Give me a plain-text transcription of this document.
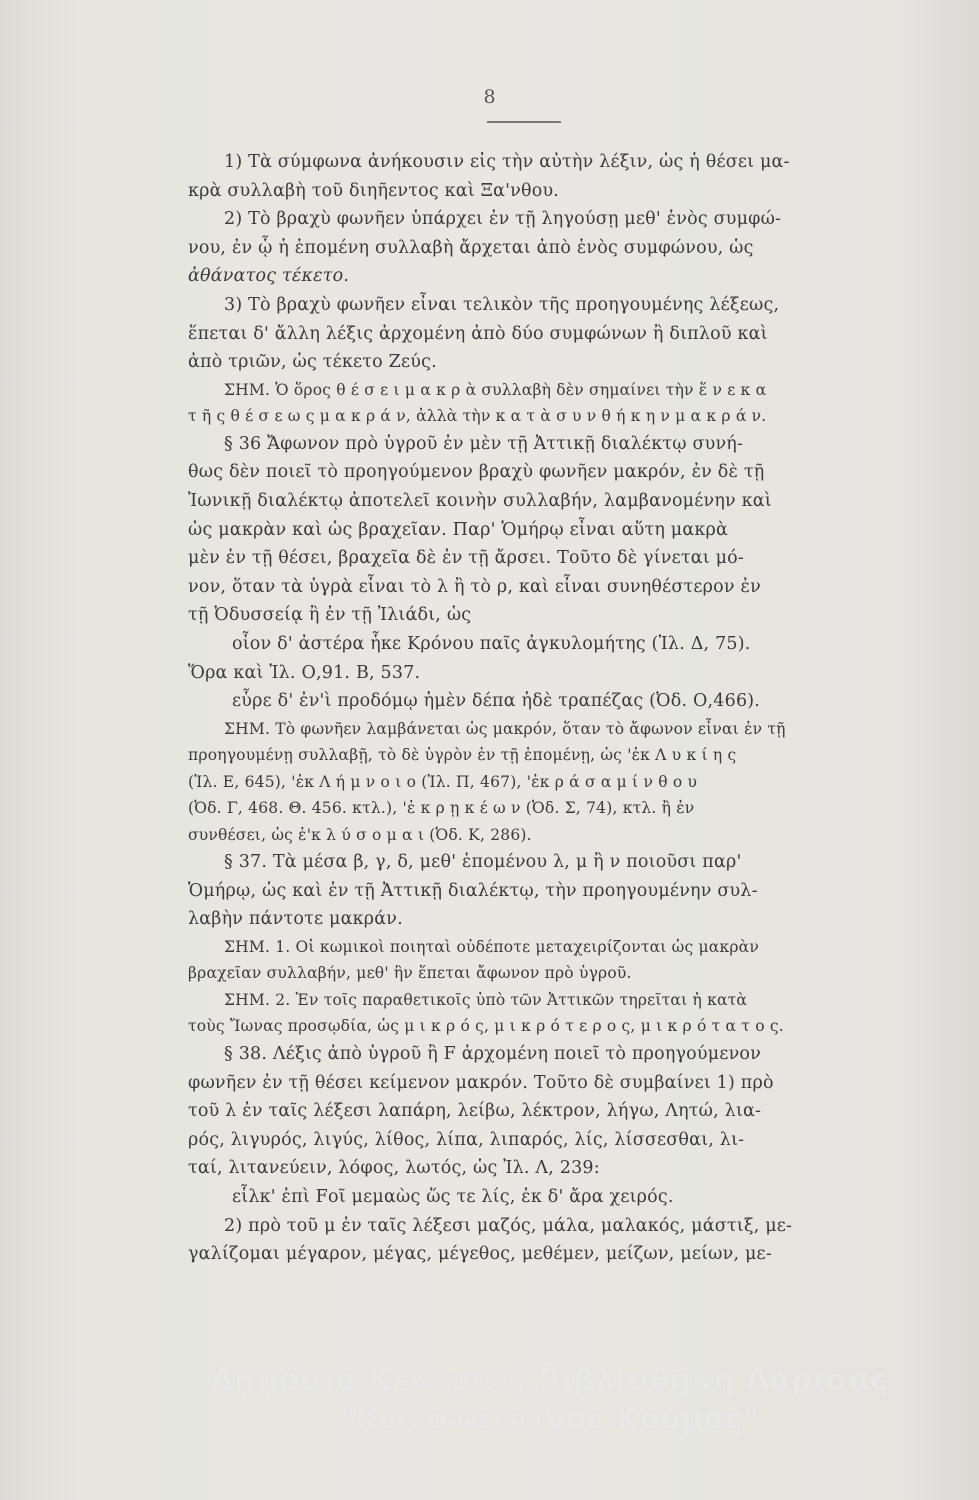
8

1) Τὰ σύμφωνα ἀνήκουσιν εἰς τὴν αὐτὴν λέξιν, ὡς ἡ θέσει μα-

κρὰ συλλαβὴ τοῦ διηῆεντος καὶ Ξα'νθου.

2) Τὸ βραχὺ φωνῆεν ὑπάρχει ἐν τῇ ληγούσῃ μεθ' ἑνὸς συμφώ-

νου, ἐν ᾧ ἡ ἑπομένη συλλαβὴ ἄρχεται ἀπὸ ἑνὸς συμφώνου, ὡς

ἀθάνατος τέκετο.

3) Τὸ βραχὺ φωνῆεν εἶναι τελικὸν τῆς προηγουμένης λέξεως,

ἕπεται δ' ἄλλη λέξις ἀρχομένη ἀπὸ δύο συμφώνων ἢ διπλοῦ καὶ

ἀπὸ τριῶν, ὡς τέκετο Ζεύς.

ΣΗΜ. Ὁ ὅρος θ έ σ ε ι μ α κ ρ ὰ συλλαβὴ δὲν σημαίνει τὴν ἕ ν ε κ α

τ ῆ ς θ έ σ ε ω ς μ α κ ρ ά ν, ἀλλὰ τὴν κ α τ ὰ σ υ ν θ ή κ η ν μ α κ ρ ά ν.

§ 36 Ἄφωνον πρὸ ὑγροῦ ἐν μὲν τῇ Ἀττικῇ διαλέκτῳ συνή-

θως δὲν ποιεῖ τὸ προηγούμενον βραχὺ φωνῆεν μακρόν, ἐν δὲ τῇ

Ἰωνικῇ διαλέκτῳ ἀποτελεῖ κοινὴν συλλαβήν, λαμβανομένην καὶ

ὡς μακρὰν καὶ ὡς βραχεῖαν. Παρ' Ὁμήρῳ εἶναι αὕτη μακρὰ

μὲν ἐν τῇ θέσει, βραχεῖα δὲ ἐν τῇ ἄρσει. Τοῦτο δὲ γίνεται μό-

νον, ὅταν τὰ ὑγρὰ εἶναι τὸ λ ἢ τὸ ρ, καὶ εἶναι συνηθέστερον ἐν

τῇ Ὀδυσσείᾳ ἢ ἐν τῇ Ἰλιάδι, ὡς

οἷον δ' ἀστέρα ἧκε Κρόνου παῖς ἀγκυλομήτης (Ἰλ. Δ, 75).

Ὅρα καὶ Ἰλ. Ο,91. Β, 537.

εὗρε δ' ἐν'ὶ προδόμῳ ἡμὲν δέπα ἠδὲ τραπέζας (Ὀδ. Ο,466).

ΣΗΜ. Τὸ φωνῆεν λαμβάνεται ὡς μακρόν, ὅταν τὸ ἄφωνον εἶναι ἐν τῇ

προηγουμένῃ συλλαβῇ, τὸ δὲ ὑγρὸν ἐν τῇ ἑπομένῃ, ὡς 'ἐκ Λ υ κ ί η ς

(Ἰλ. Ε, 645), 'ἐκ Λ ή μ ν ο ι ο (Ἰλ. Π, 467), 'ἐκ ρ ά σ α μ ί ν θ ο υ

(Ὀδ. Γ, 468. Θ. 456. κτλ.), 'ἐ κ ρ ῃ κ έ ω ν (Ὀδ. Σ, 74), κτλ. ἢ ἐν

συνθέσει, ὡς ἐ'κ λ ύ σ ο μ α ι (Ὀδ. Κ, 286).

§ 37. Τὰ μέσα β, γ, δ, μεθ' ἑπομένου λ, μ ἢ ν ποιοῦσι παρ'

Ὁμήρῳ, ὡς καὶ ἐν τῇ Ἀττικῇ διαλέκτῳ, τὴν προηγουμένην συλ-

λαβὴν πάντοτε μακράν.

ΣΗΜ. 1. Οἱ κωμικοὶ ποιηταὶ οὐδέποτε μεταχειρίζονται ὡς μακρὰν

βραχεῖαν συλλαβήν, μεθ' ἣν ἕπεται ἄφωνον πρὸ ὑγροῦ.

ΣΗΜ. 2. Ἐν τοῖς παραθετικοῖς ὑπὸ τῶν Ἀττικῶν τηρεῖται ἡ κατὰ

τοὺς Ἴωνας προσῳδία, ὡς μ ι κ ρ ό ς, μ ι κ ρ ό τ ε ρ ο ς, μ ι κ ρ ό τ α τ ο ς.

§ 38. Λέξις ἀπὸ ὑγροῦ ἢ F ἀρχομένη ποιεῖ τὸ προηγούμενον

φωνῆεν ἐν τῇ θέσει κείμενον μακρόν. Τοῦτο δὲ συμβαίνει 1) πρὸ

τοῦ λ ἐν ταῖς λέξεσι λαπάρη, λείβω, λέκτρον, λήγω, Λητώ, λια-

ρός, λιγυρός, λιγύς, λίθος, λίπα, λιπαρός, λίς, λίσσεσθαι, λι-

ταί, λιτανεύειν, λόφος, λωτός, ὡς Ἰλ. Λ, 239:

εἷλκ' ἐπὶ Fοῖ μεμαὼς ὥς τε λίς, ἐκ δ' ἄρα χειρός.

2) πρὸ τοῦ μ ἐν ταῖς λέξεσι μαζός, μάλα, μαλακός, μάστιξ, με-

γαλίζομαι μέγαρον, μέγας, μέγεθος, μεθέμεν, μείζων, μείων, με-

Δημόσια Κεντρική Βιβλιοθήκη Λάρισας
"Κωνσταντίνος Κούμας"
